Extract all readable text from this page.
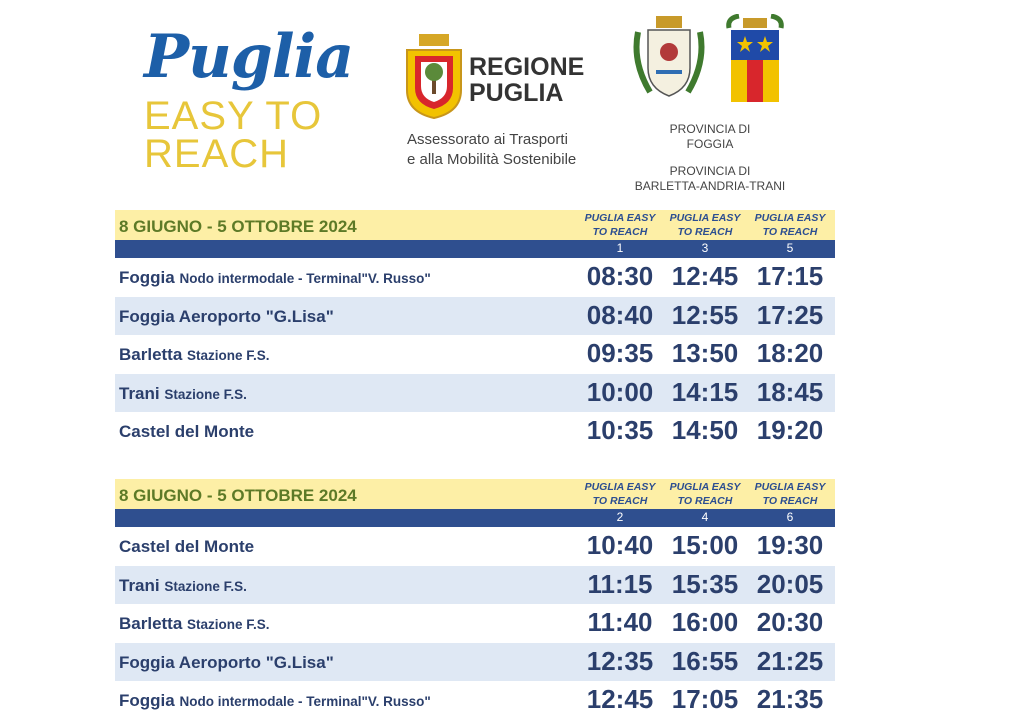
Puglia
EASY TO
REACH
REGIONE
PUGLIA
Assessorato ai Trasporti
e alla Mobilità Sostenibile
PROVINCIA DI
FOGGIA
PROVINCIA DI
BARLETTA-ANDRIA-TRANI
8 GIUGNO - 5 OTTOBRE 2024	PUGLIA EASY
TO REACH
PUGLIA EASY
TO REACH
PUGLIA EASY
TO REACH
1	3	5
Foggia Nodo intermodale - Terminal"V. Russo"	08:30 12:45 17:15
Foggia Aeroporto "G.Lisa"	08:40 12:55 17:25
Barletta Stazione F.S.	09:35 13:50 18:20
Trani Stazione F.S.	10:00 14:15 18:45
Castel del Monte	10:35 14:50 19:20
8 GIUGNO - 5 OTTOBRE 2024	PUGLIA EASY
TO REACH
PUGLIA EASY
TO REACH
PUGLIA EASY
TO REACH
2	4	6
Castel del Monte	10:40 15:00 19:30
Trani Stazione F.S.	11:15 15:35 20:05
Barletta Stazione F.S.	11:40 16:00 20:30
Foggia Aeroporto "G.Lisa"	12:35 16:55 21:25
Foggia Nodo intermodale - Terminal"V. Russo"	12:45 17:05 21:35
